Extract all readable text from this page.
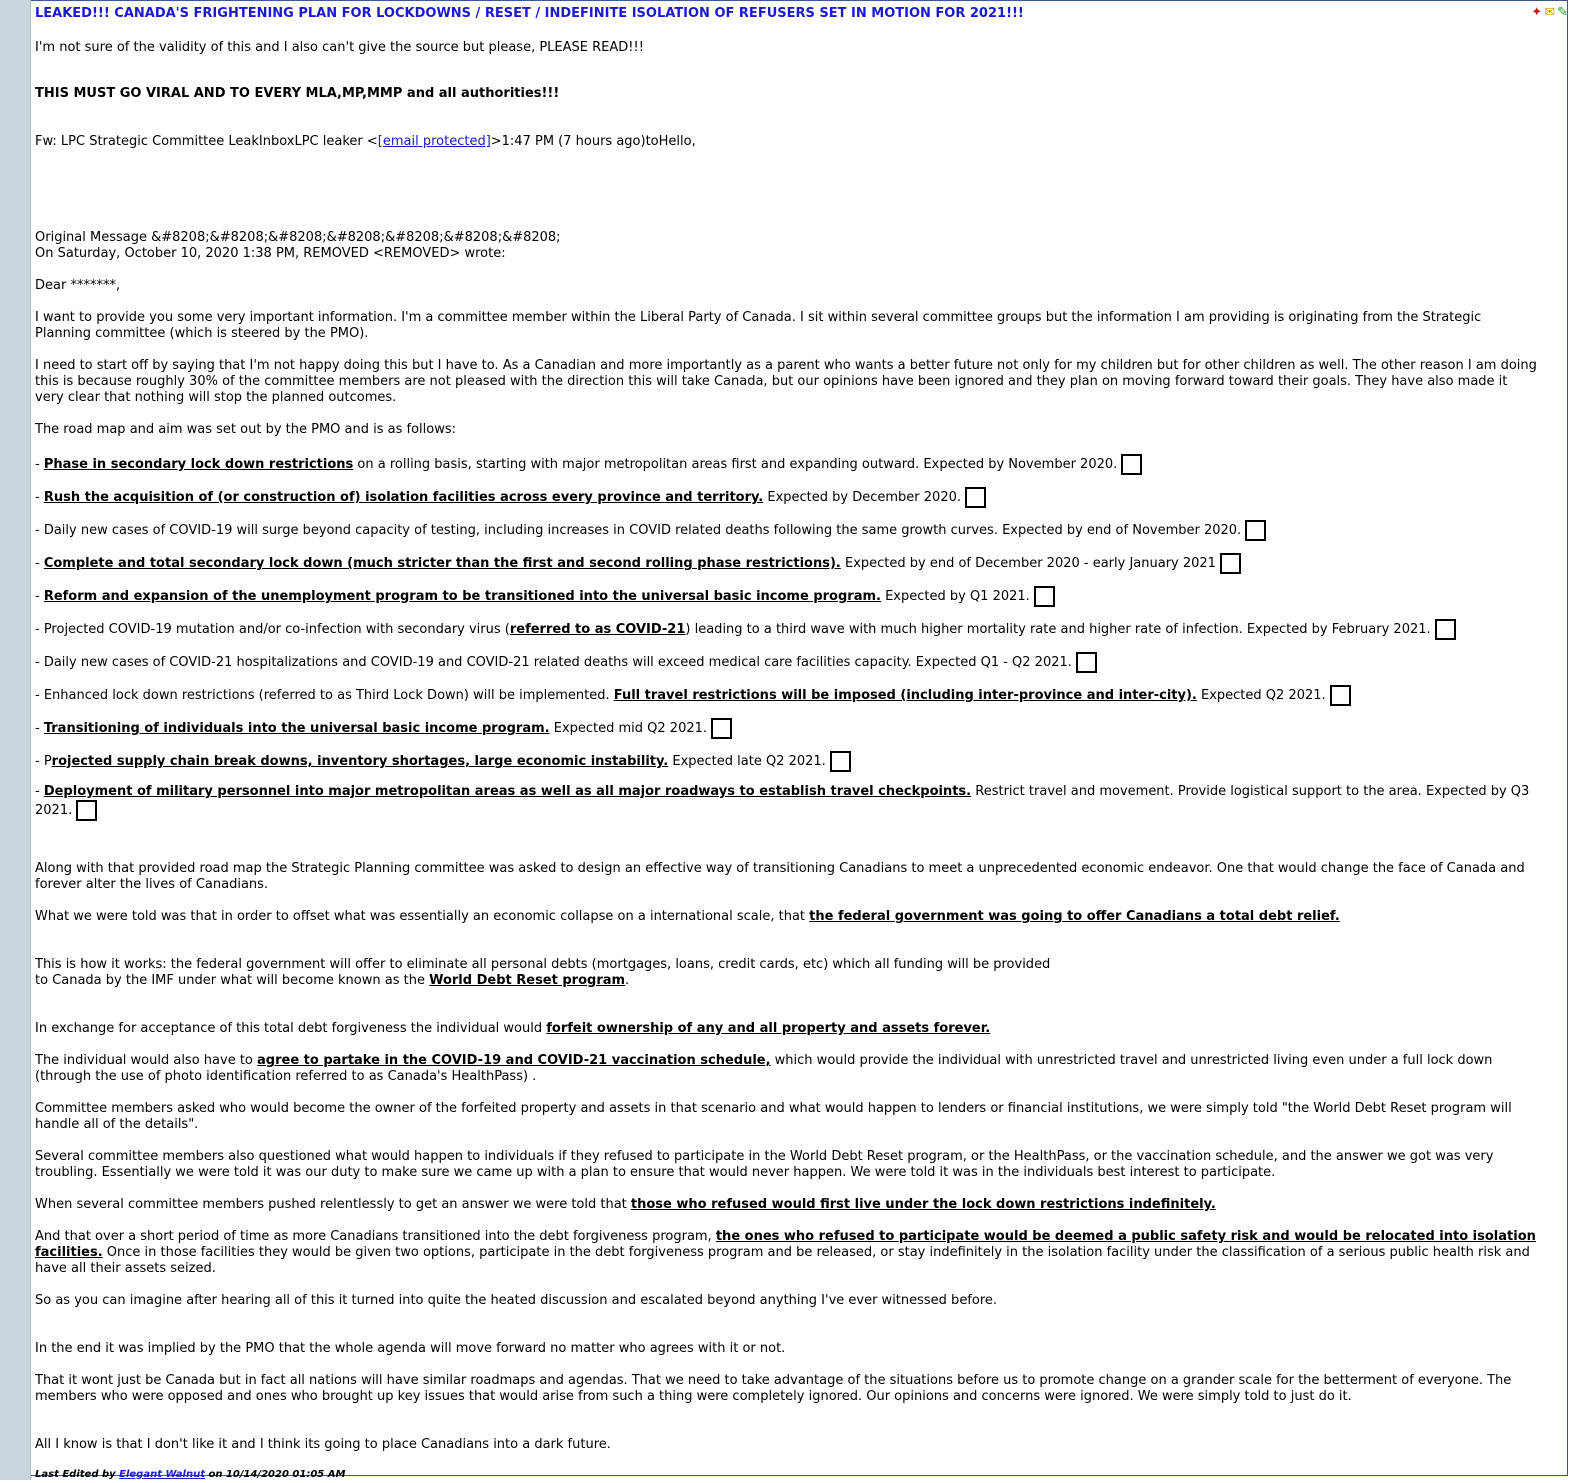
✦ ✉ ✎
LEAKED!!! CANADA'S FRIGHTENING PLAN FOR LOCKDOWNS / RESET / INDEFINITE ISOLATION OF REFUSERS SET IN MOTION FOR 2021!!!

I'm not sure of the validity of this and I also can't give the source but please, PLEASE READ!!!

THIS MUST GO VIRAL AND TO EVERY MLA,MP,MMP and all authorities!!!

Fw: LPC Strategic Committee LeakInboxLPC leaker <[email protected]>1:47 PM (7 hours ago)toHello,

Original Message &#8208;&#8208;&#8208;&#8208;&#8208;&#8208;&#8208;
On Saturday, October 10, 2020 1:38 PM, REMOVED <REMOVED> wrote:

Dear *******,

I want to provide you some very important information. I'm a committee member within the Liberal Party of Canada. I sit within several committee groups but the information I am providing is originating from the Strategic Planning committee (which is steered by the PMO).

I need to start off by saying that I'm not happy doing this but I have to. As a Canadian and more importantly as a parent who wants a better future not only for my children but for other children as well. The other reason I am doing this is because roughly 30% of the committee members are not pleased with the direction this will take Canada, but our opinions have been ignored and they plan on moving forward toward their goals. They have also made it very clear that nothing will stop the planned outcomes.

The road map and aim was set out by the PMO and is as follows:

- Phase in secondary lock down restrictions on a rolling basis, starting with major metropolitan areas first and expanding outward. Expected by November 2020.
- Rush the acquisition of (or construction of) isolation facilities across every province and territory. Expected by December 2020.
- Daily new cases of COVID-19 will surge beyond capacity of testing, including increases in COVID related deaths following the same growth curves. Expected by end of November 2020.
- Complete and total secondary lock down (much stricter than the first and second rolling phase restrictions). Expected by end of December 2020 - early January 2021
- Reform and expansion of the unemployment program to be transitioned into the universal basic income program. Expected by Q1 2021.
- Projected COVID-19 mutation and/or co-infection with secondary virus (referred to as COVID-21) leading to a third wave with much higher mortality rate and higher rate of infection. Expected by February 2021.
- Daily new cases of COVID-21 hospitalizations and COVID-19 and COVID-21 related deaths will exceed medical care facilities capacity. Expected Q1 - Q2 2021.
- Enhanced lock down restrictions (referred to as Third Lock Down) will be implemented. Full travel restrictions will be imposed (including inter-province and inter-city). Expected Q2 2021.
- Transitioning of individuals into the universal basic income program. Expected mid Q2 2021.
- Projected supply chain break downs, inventory shortages, large economic instability. Expected late Q2 2021.
- Deployment of military personnel into major metropolitan areas as well as all major roadways to establish travel checkpoints. Restrict travel and movement. Provide logistical support to the area. Expected by Q3 2021.

Along with that provided road map the Strategic Planning committee was asked to design an effective way of transitioning Canadians to meet a unprecedented economic endeavor. One that would change the face of Canada and forever alter the lives of Canadians.

What we were told was that in order to offset what was essentially an economic collapse on a international scale, that the federal government was going to offer Canadians a total debt relief.

This is how it works: the federal government will offer to eliminate all personal debts (mortgages, loans, credit cards, etc) which all funding will be provided
to Canada by the IMF under what will become known as the World Debt Reset program.

In exchange for acceptance of this total debt forgiveness the individual would forfeit ownership of any and all property and assets forever.

The individual would also have to agree to partake in the COVID-19 and COVID-21 vaccination schedule, which would provide the individual with unrestricted travel and unrestricted living even under a full lock down (through the use of photo identification referred to as Canada's HealthPass) .

Committee members asked who would become the owner of the forfeited property and assets in that scenario and what would happen to lenders or financial institutions, we were simply told "the World Debt Reset program will handle all of the details".

Several committee members also questioned what would happen to individuals if they refused to participate in the World Debt Reset program, or the HealthPass, or the vaccination schedule, and the answer we got was very troubling. Essentially we were told it was our duty to make sure we came up with a plan to ensure that would never happen. We were told it was in the individuals best interest to participate.

When several committee members pushed relentlessly to get an answer we were told that those who refused would first live under the lock down restrictions indefinitely.

And that over a short period of time as more Canadians transitioned into the debt forgiveness program, the ones who refused to participate would be deemed a public safety risk and would be relocated into isolation facilities. Once in those facilities they would be given two options, participate in the debt forgiveness program and be released, or stay indefinitely in the isolation facility under the classification of a serious public health risk and have all their assets seized.

So as you can imagine after hearing all of this it turned into quite the heated discussion and escalated beyond anything I've ever witnessed before.

In the end it was implied by the PMO that the whole agenda will move forward no matter who agrees with it or not.

That it wont just be Canada but in fact all nations will have similar roadmaps and agendas. That we need to take advantage of the situations before us to promote change on a grander scale for the betterment of everyone. The members who were opposed and ones who brought up key issues that would arise from such a thing were completely ignored. Our opinions and concerns were ignored. We were simply told to just do it.

All I know is that I don't like it and I think its going to place Canadians into a dark future.

Last Edited by Elegant Walnut on 10/14/2020 01:05 AM
